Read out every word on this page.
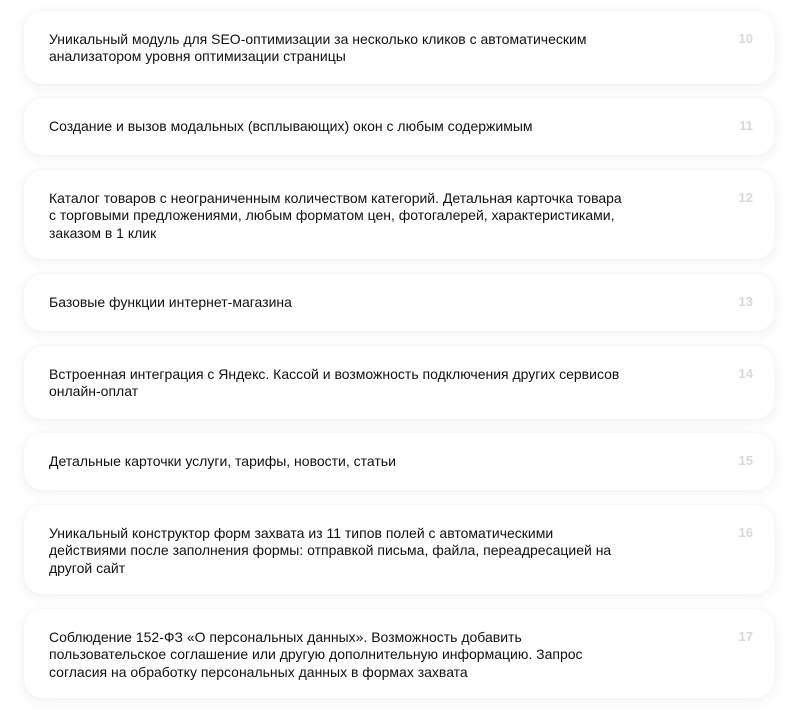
Уникальный модуль для SEO-оптимизации за несколько кликов с автоматическим анализатором уровня оптимизации страницы

10

Создание и вызов модальных (всплывающих) окон с любым содержимым	11

Каталог товаров с неограниченным количеством категорий. Детальная карточка товара с торговыми предложениями, любым форматом цен, фотогалерей, характеристиками, заказом в 1 клик

12

Базовые функции интернет-магазина	13

Встроенная интеграция с Яндекс. Кассой и возможность подключения других сервисов онлайн-оплат

14

Детальные карточки услуги, тарифы, новости, статьи	15

Уникальный конструктор форм захвата из 11 типов полей с автоматическими действиями после заполнения формы: отправкой письма, файла, переадресацией на другой сайт

16

Соблюдение 152-ФЗ «О персональных данных». Возможность добавить пользовательское соглашение или другую дополнительную информацию. Запрос согласия на обработку персональных данных в формах захвата

17
